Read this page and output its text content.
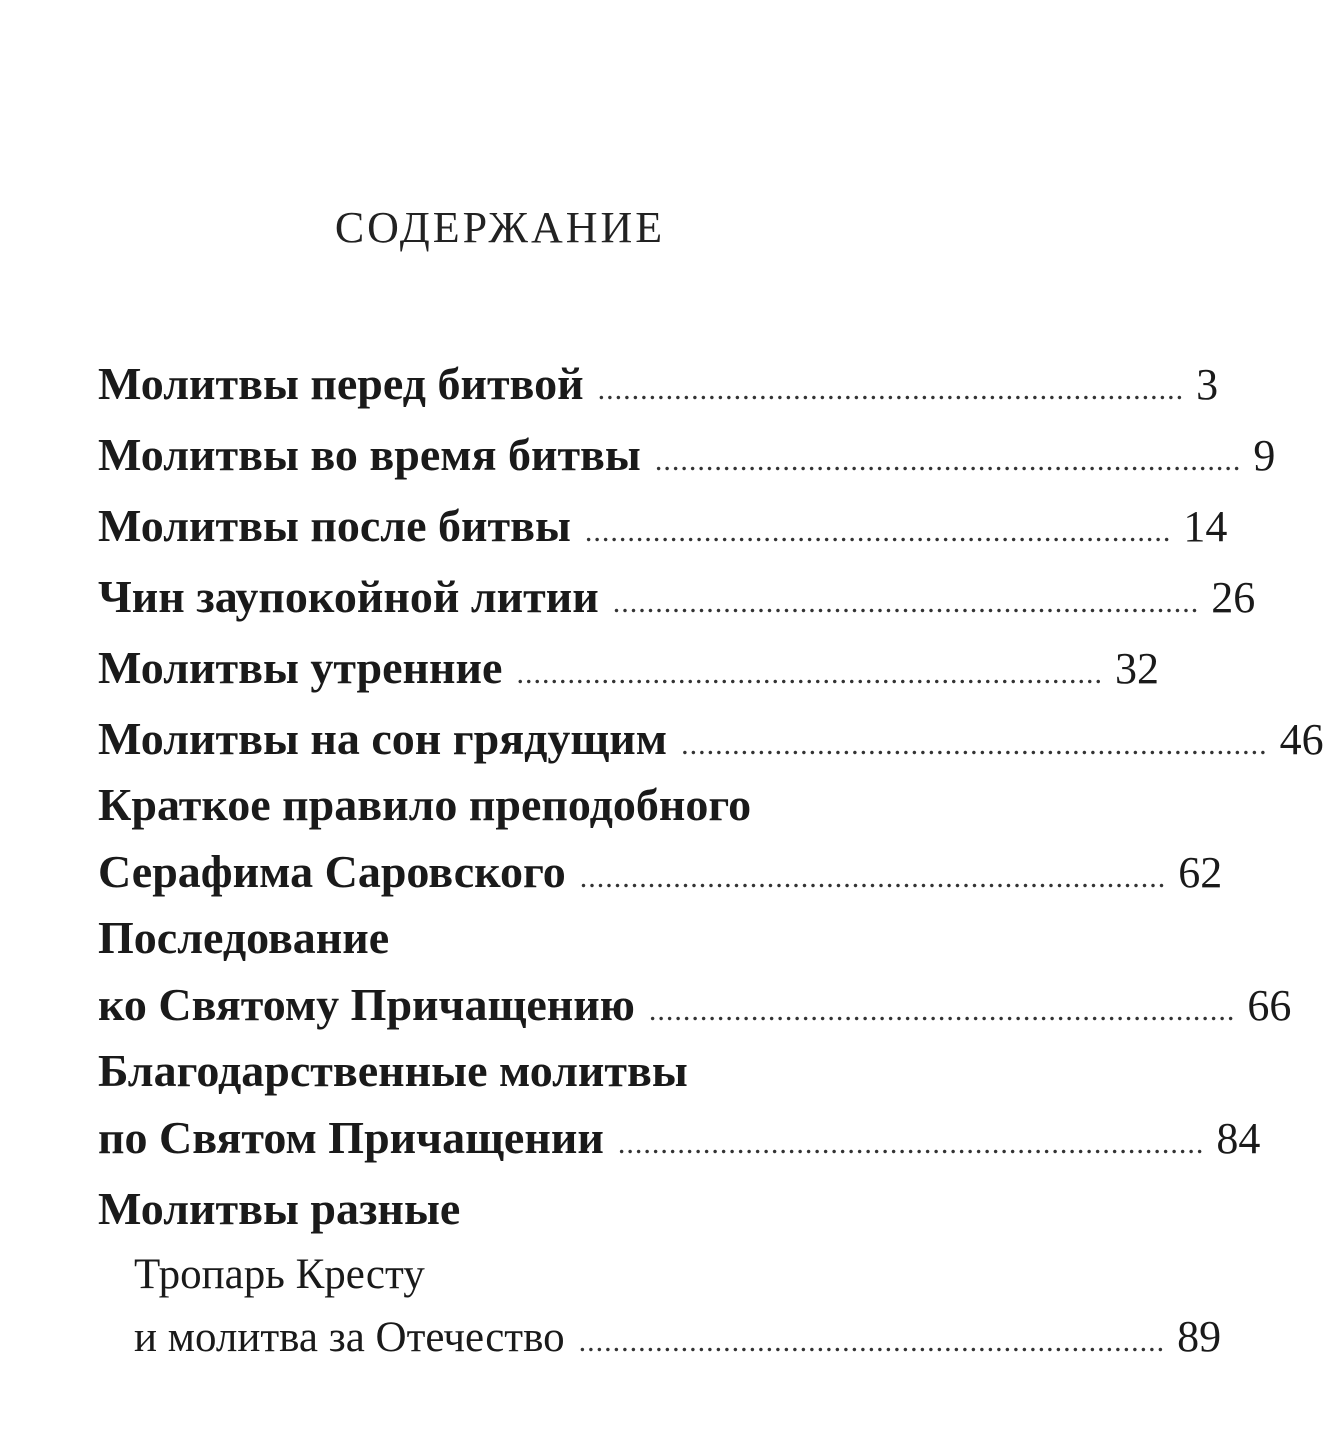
СОДЕРЖАНИЕ
Молитвы перед битвой ..................................................................... 3
Молитвы во время битвы ..................................................................... 9
Молитвы после битвы ..................................................................... 14
Чин заупокойной литии ..................................................................... 26
Молитвы утренние ..................................................................... 32
Молитвы на сон грядущим ..................................................................... 46
Краткое правило преподобного
Серафима Саровского ..................................................................... 62
Последование
ко Святому Причащению ..................................................................... 66
Благодарственные молитвы
по Святом Причащении ..................................................................... 84
Молитвы разные
Тропарь Кресту
и молитва за Отечество ..................................................................... 89
